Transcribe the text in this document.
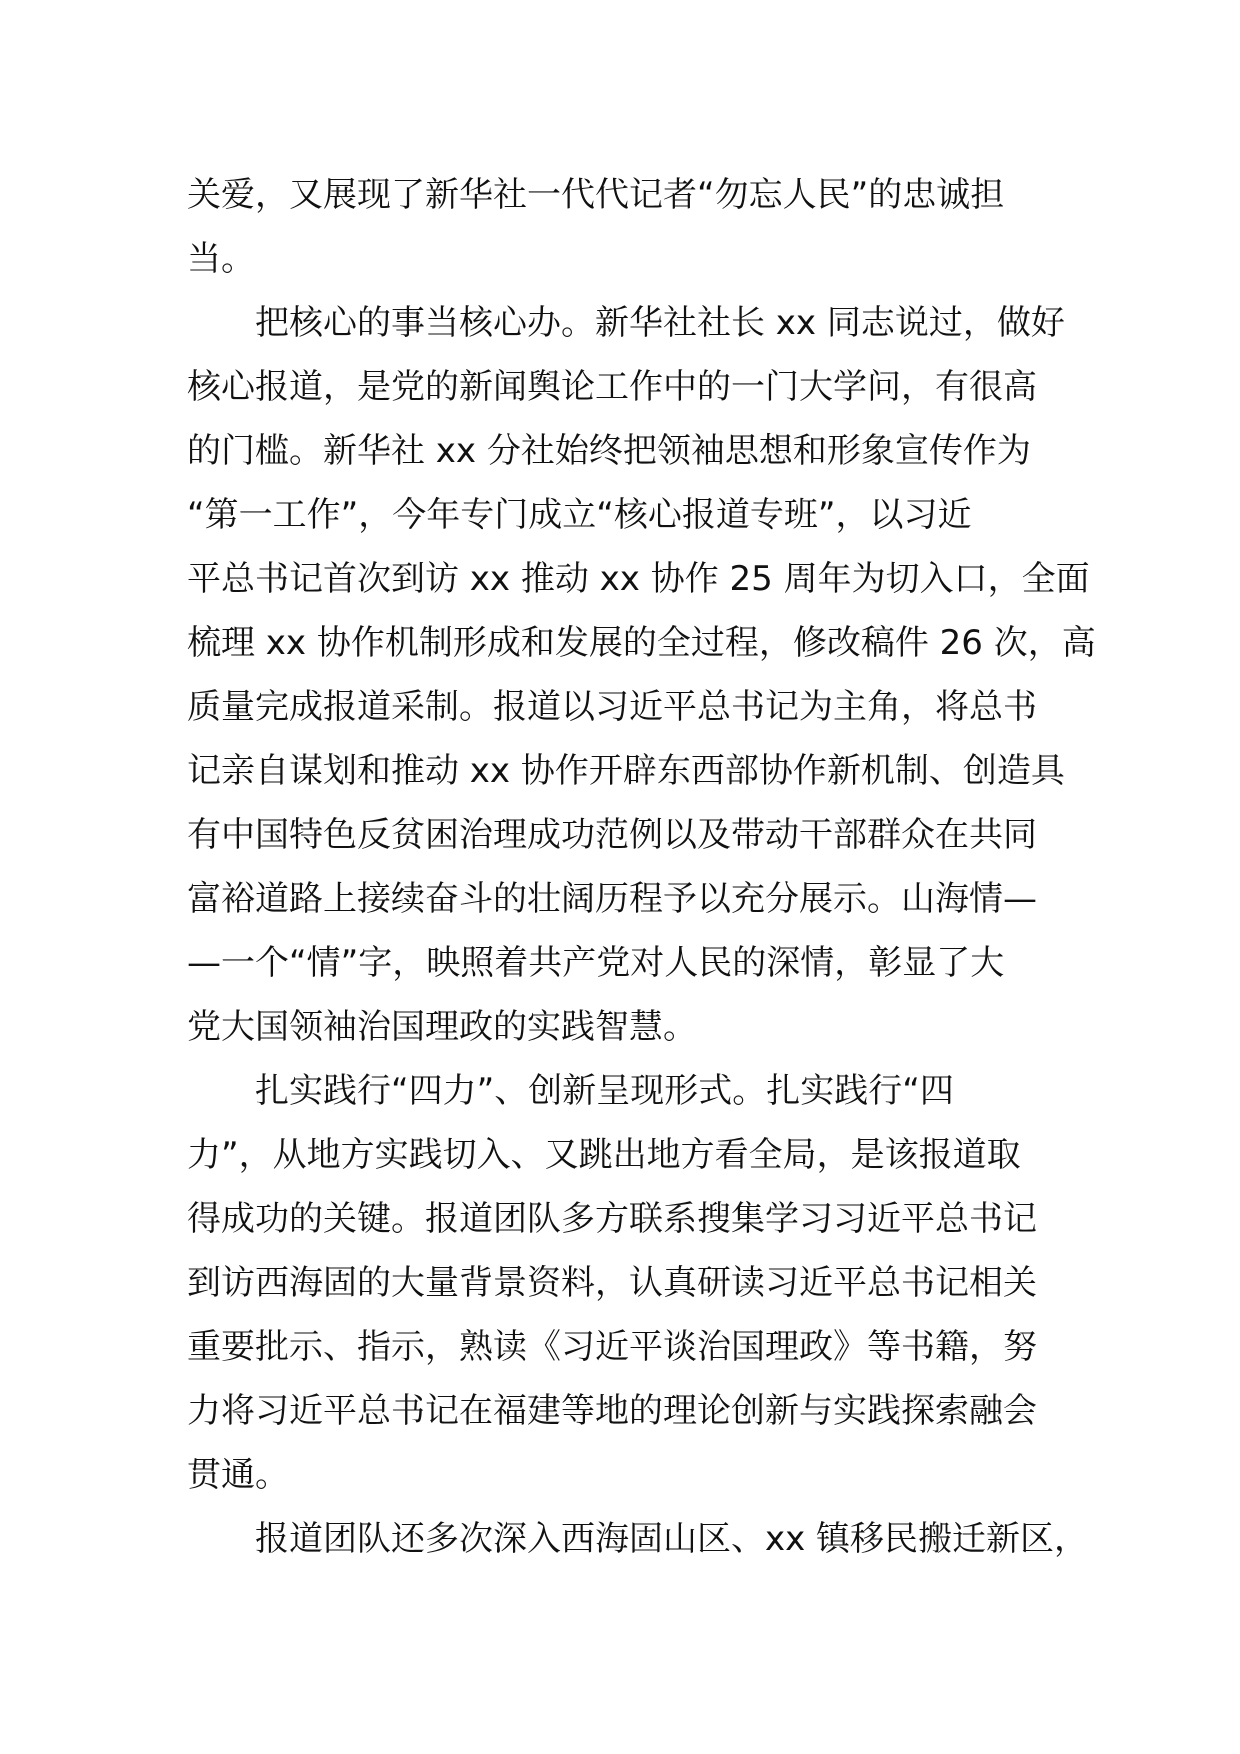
关爱，又展现了新华社一代代记者“勿忘人民”的忠诚担
当。
　　把核心的事当核心办。新华社社长 xx 同志说过，做好
核心报道，是党的新闻舆论工作中的一门大学问，有很高
的门槛。新华社 xx 分社始终把领袖思想和形象宣传作为
“第一工作”，今年专门成立“核心报道专班”，以习近
平总书记首次到访 xx 推动 xx 协作 25 周年为切入口，全面
梳理 xx 协作机制形成和发展的全过程，修改稿件 26 次，高
质量完成报道采制。报道以习近平总书记为主角，将总书
记亲自谋划和推动 xx 协作开辟东西部协作新机制、创造具
有中国特色反贫困治理成功范例以及带动干部群众在共同
富裕道路上接续奋斗的壮阔历程予以充分展示。山海情—
—一个“情”字，映照着共产党对人民的深情，彰显了大
党大国领袖治国理政的实践智慧。
　　扎实践行“四力”、创新呈现形式。扎实践行“四
力”，从地方实践切入、又跳出地方看全局，是该报道取
得成功的关键。报道团队多方联系搜集学习习近平总书记
到访西海固的大量背景资料，认真研读习近平总书记相关
重要批示、指示，熟读《习近平谈治国理政》等书籍，努
力将习近平总书记在福建等地的理论创新与实践探索融会
贯通。
　　报道团队还多次深入西海固山区、xx 镇移民搬迁新区，
